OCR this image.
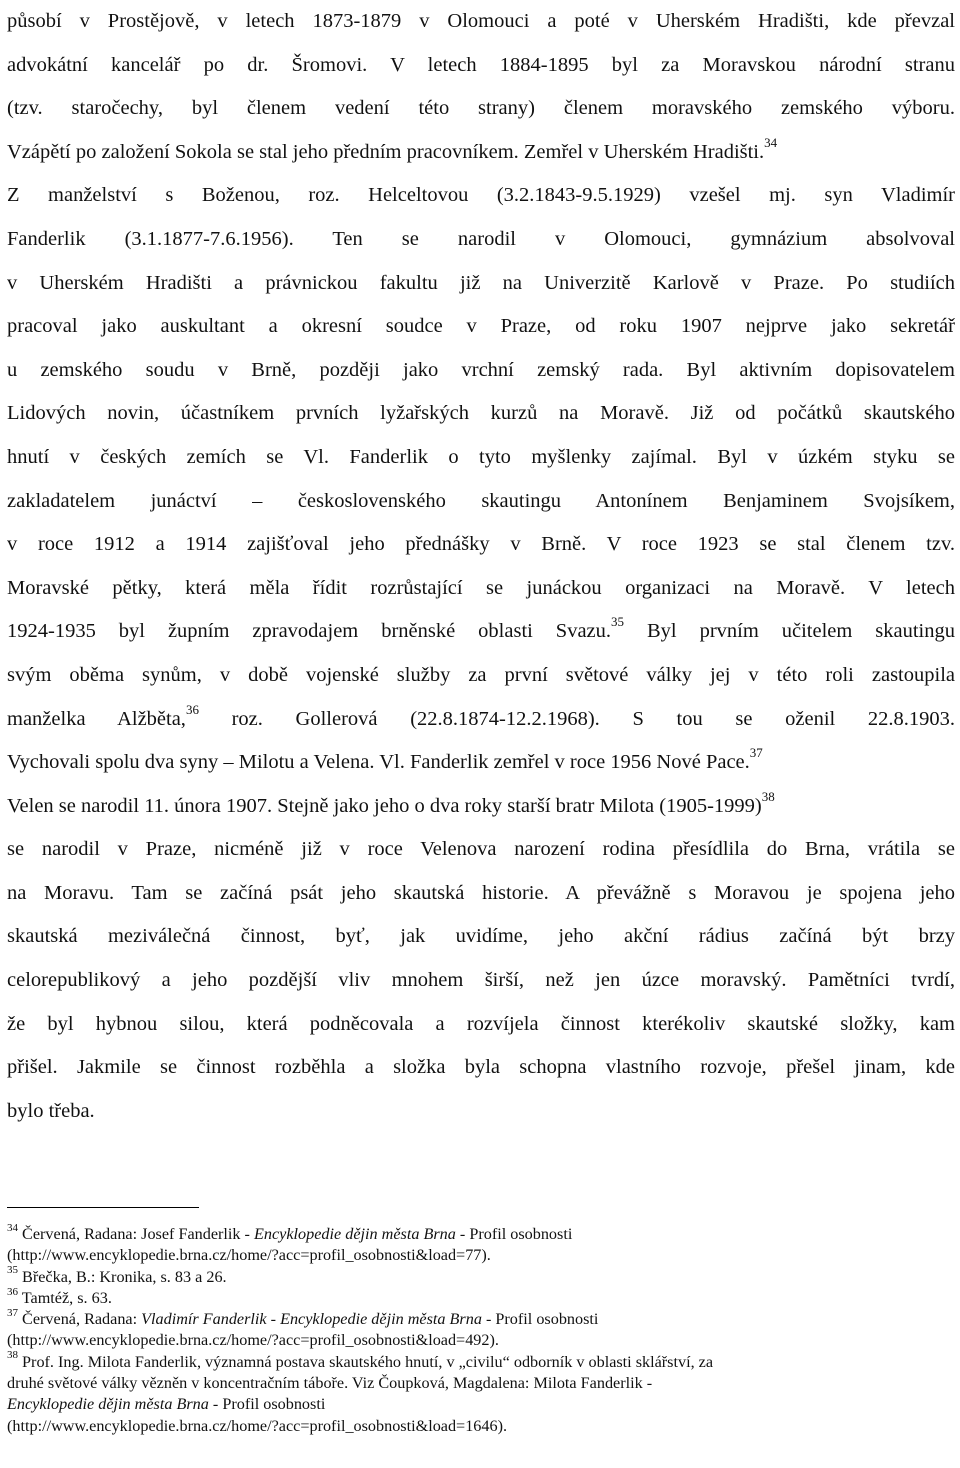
působí v Prostějově, v letech 1873-1879 v Olomouci a poté v Uherském Hradišti, kde převzal
advokátní kancelář po dr. Šromovi. V letech 1884-1895 byl za Moravskou národní stranu
(tzv. staročechy, byl členem vedení této strany) členem moravského zemského výboru.
Vzápětí po založení Sokola se stal jeho předním pracovníkem. Zemřel v Uherském Hradišti.$^{34}$
Z manželství s Boženou, roz. Helceltovou (3.2.1843-9.5.1929) vzešel mj. syn Vladimír
Fanderlik (3.1.1877-7.6.1956). Ten se narodil v Olomouci, gymnázium absolvoval
v Uherském Hradišti a právnickou fakultu již na Univerzitě Karlově v Praze. Po studiích
pracoval jako auskultant a okresní soudce v Praze, od roku 1907 nejprve jako sekretář
u zemského soudu v Brně, později jako vrchní zemský rada. Byl aktivním dopisovatelem
Lidových novin, účastníkem prvních lyžařských kurzů na Moravě. Již od počátků skautského
hnutí v českých zemích se Vl. Fanderlik o tyto myšlenky zajímal. Byl v úzkém styku se
zakladatelem junáctví – československého skautingu Antonínem Benjaminem Svojsíkem,
v roce 1912 a 1914 zajišťoval jeho přednášky v Brně. V roce 1923 se stal členem tzv.
Moravské pětky, která měla řídit rozrůstající se junáckou organizaci na Moravě. V letech
1924-1935 byl župním zpravodajem brněnské oblasti Svazu.$^{35}$ Byl prvním učitelem skautingu
svým oběma synům, v době vojenské služby za první světové války jej v této roli zastoupila
manželka Alžběta,$^{36}$ roz. Gollerová (22.8.1874-12.2.1968). S tou se oženil 22.8.1903.
Vychovali spolu dva syny – Milotu a Velena. Vl. Fanderlik zemřel v roce 1956 Nové Pace.$^{37}$
Velen se narodil 11. února 1907. Stejně jako jeho o dva roky starší bratr Milota (1905-1999)$^{38}$
se narodil v Praze, nicméně již v roce Velenova narození rodina přesídlila do Brna, vrátila se
na Moravu. Tam se začíná psát jeho skautská historie. A převážně s Moravou je spojena jeho
skautská meziválečná činnost, byť, jak uvidíme, jeho akční rádius začíná být brzy
celorepublikový a jeho pozdější vliv mnohem širší, než jen úzce moravský. Pamětníci tvrdí,
že byl hybnou silou, která podněcovala a rozvíjela činnost kterékoliv skautské složky, kam
přišel. Jakmile se činnost rozběhla a složka byla schopna vlastního rozvoje, přešel jinam, kde
bylo třeba.
$^{34}$ Červená, Radana: Josef Fanderlik - Encyklopedie dějin města Brna - Profil osobnosti
(http://www.encyklopedie.brna.cz/home/?acc=profil_osobnosti&load=77).
$^{35}$ Břečka, B.: Kronika, s. 83 a 26.
$^{36}$ Tamtéž, s. 63.
$^{37}$ Červená, Radana: Vladimír Fanderlik - Encyklopedie dějin města Brna - Profil osobnosti
(http://www.encyklopedie.brna.cz/home/?acc=profil_osobnosti&load=492).
$^{38}$ Prof. Ing. Milota Fanderlik, významná postava skautského hnutí, v „civilu“ odborník v oblasti sklářství, za
druhé světové války vězněn v koncentračním táboře. Viz Čoupková, Magdalena: Milota Fanderlik -
Encyklopedie dějin města Brna - Profil osobnosti
(http://www.encyklopedie.brna.cz/home/?acc=profil_osobnosti&load=1646).
